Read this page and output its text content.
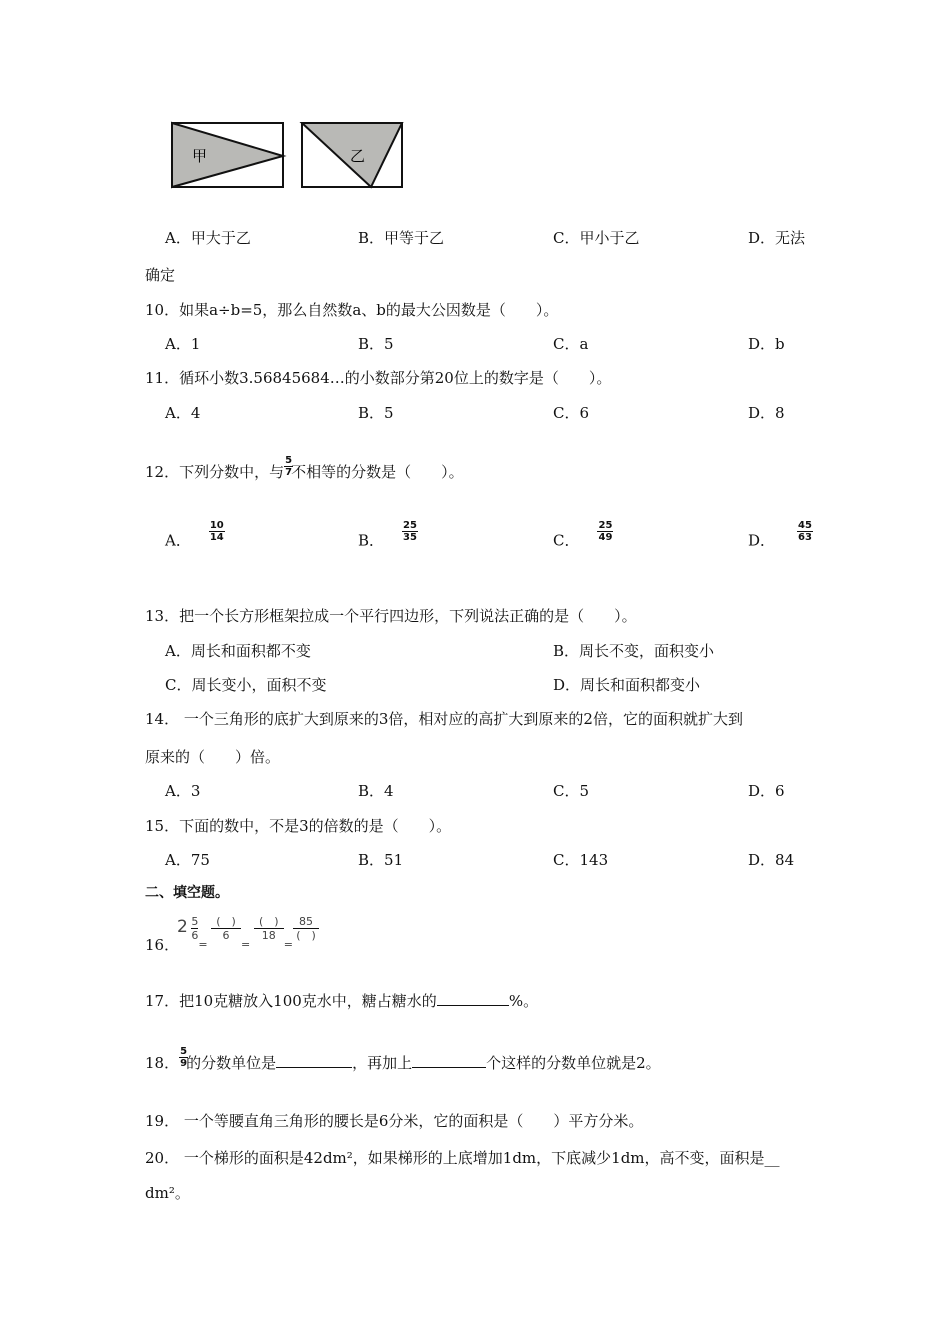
甲	乙
A．甲大于乙	B．甲等于乙	C．甲小于乙	D．无法
确定
10．如果a÷b=5，那么自然数a、b的最大公因数是（　　）。
A．1	B．5	C．a	D．b
11．循环小数3.56845684…的小数部分第20位上的数字是（　　）。
A．4	B．5	C．6	D．8
12．下列分数中，与 $\frac{5}{7}$
不相等的分数是（　　）。
A． $\frac{10}{14}$	B． $\frac{25}{35}$	C． $\frac{25}{49}$	D． $\frac{45}{63}$
13．把一个长方形框架拉成一个平行四边形，下列说法正确的是（　　）。
A．周长和面积都不变	B．周长不变，面积变小
C．周长变小，面积不变	D．周长和面积都变小
14． 一个三角形的底扩大到原来的3倍，相对应的高扩大到原来的2倍，它的面积就扩大到
原来的（　　）倍。
A．3	B．4	C．5	D．6
15．下面的数中，不是3的倍数的是（　　）。
A．75	B．51	C．143	D．84
二、填空题。
16．
$2 \frac{5}{6}$
=
(　)
6
=
(　)
18
=
85
(　)
17．把10克糖放入100克水中，糖占糖水的	%。
18． $\frac{5}{9}$
的分数单位是	，再加上	个这样的分数单位就是2。
19． 一个等腰直角三角形的腰长是6分米，它的面积是（　　）平方分米。
20． 一个梯形的面积是42dm²，如果梯形的上底增加1dm，下底减少1dm，高不变，面积是__
dm²。
